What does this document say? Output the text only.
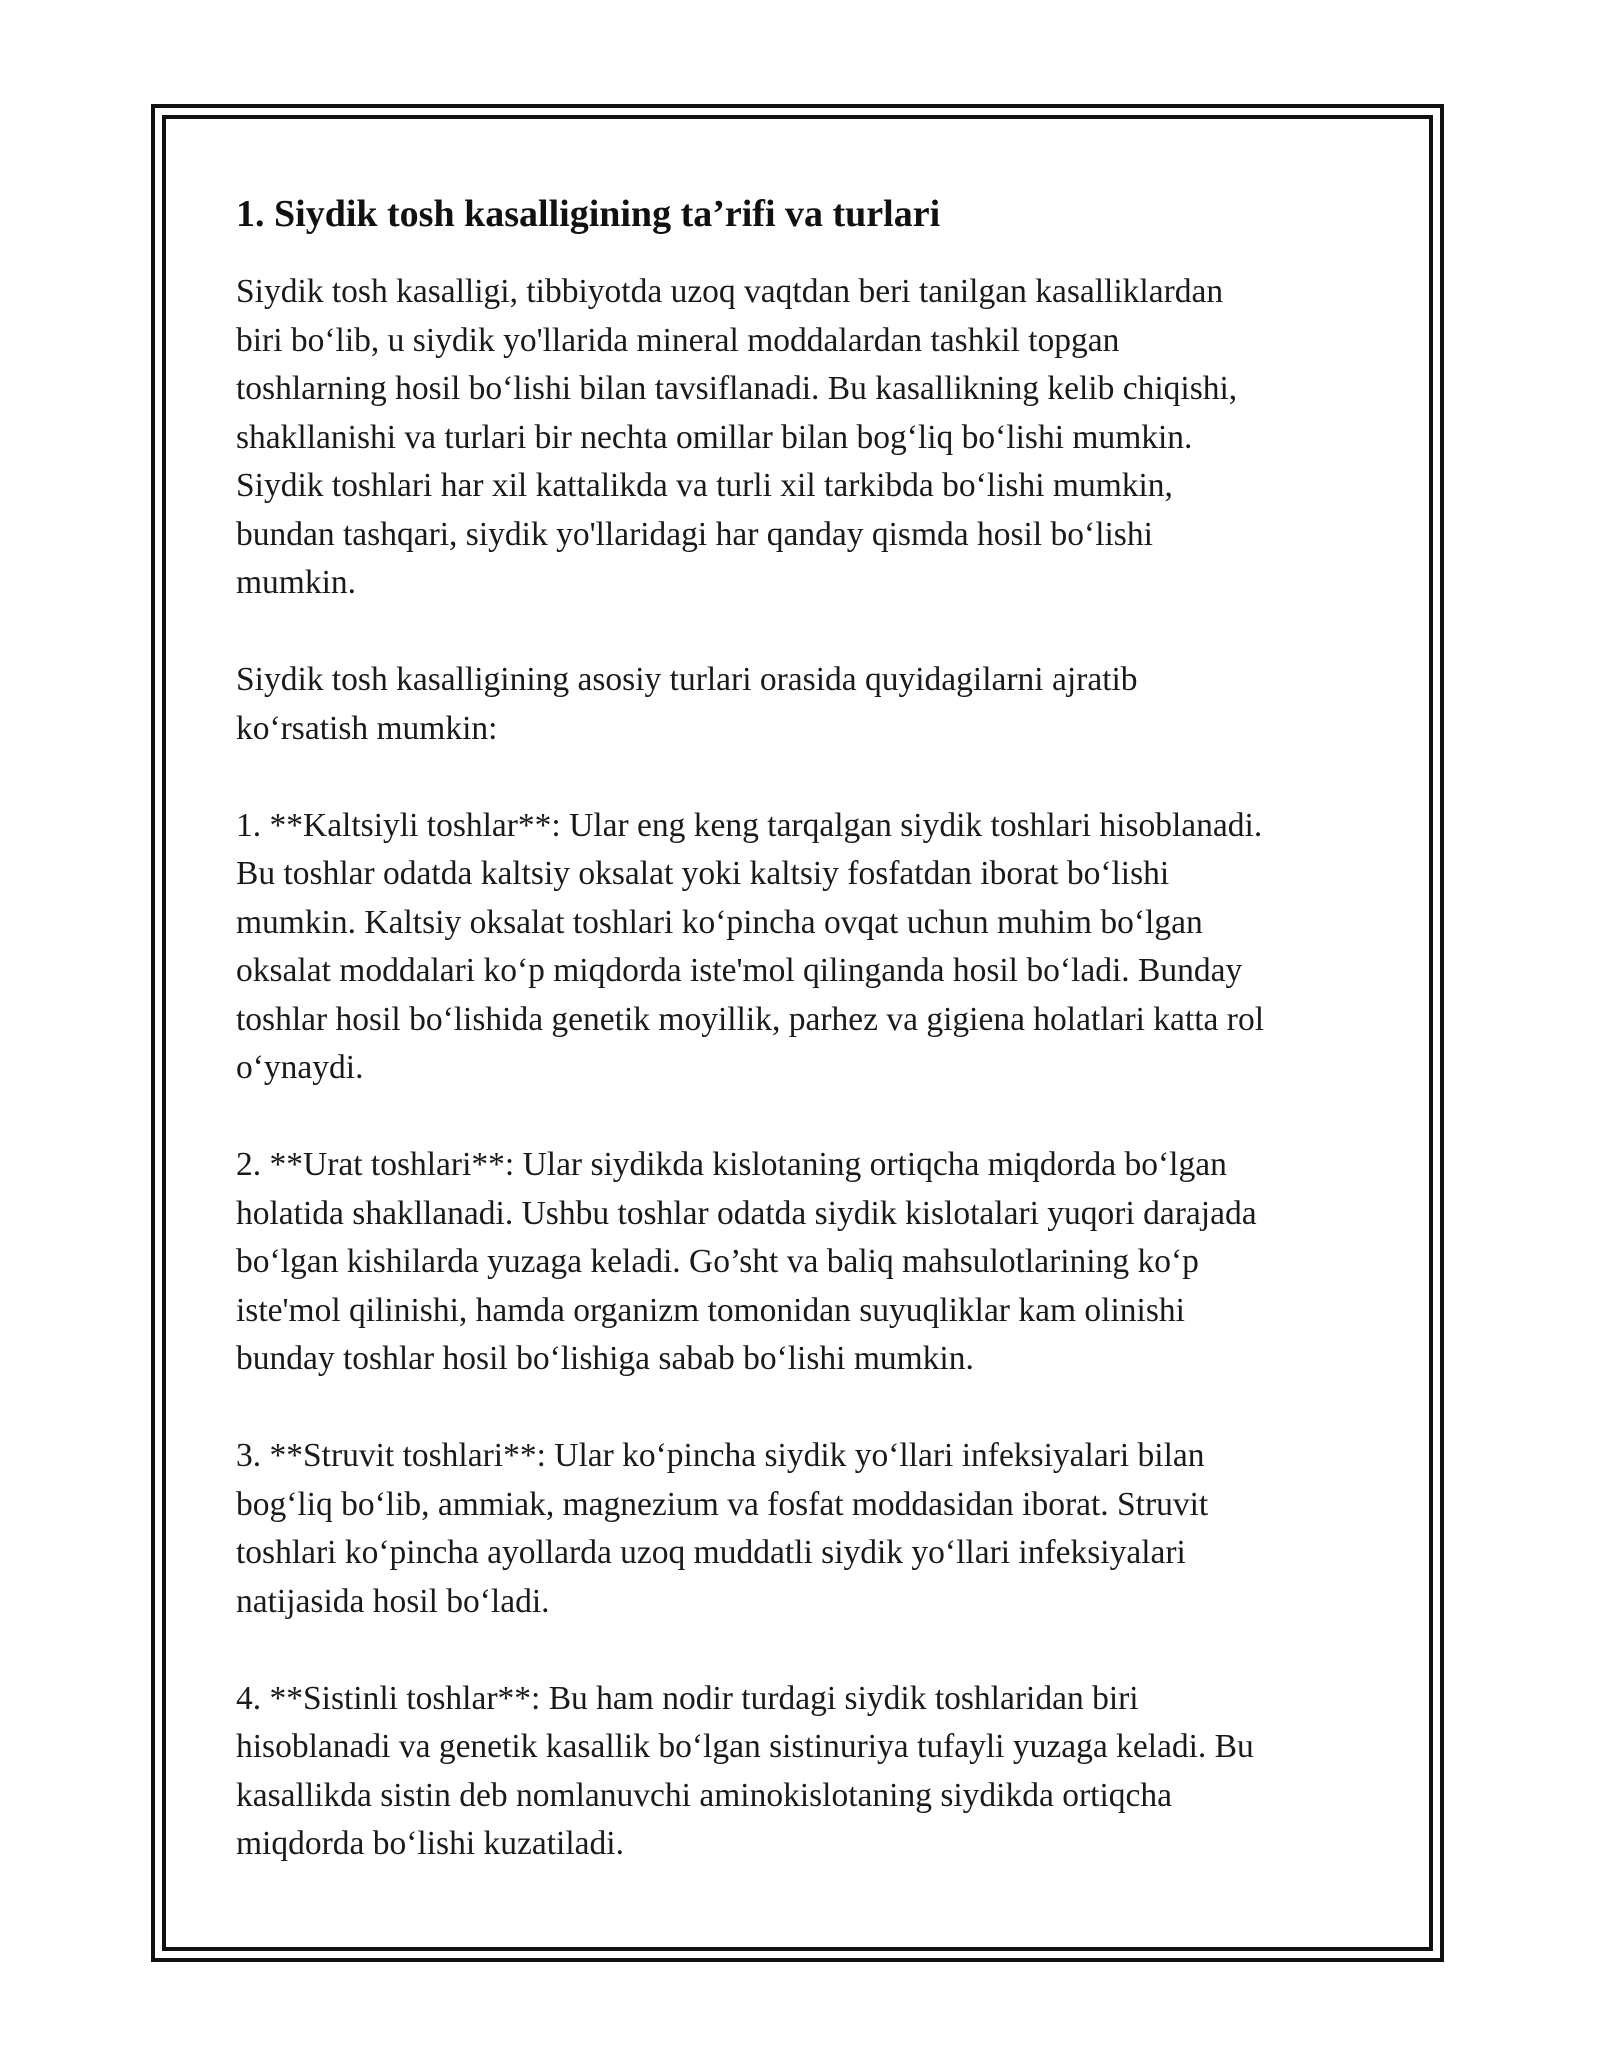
1. Siydik tosh kasalligining ta’rifi va turlari

Siydik tosh kasalligi, tibbiyotda uzoq vaqtdan beri tanilgan kasalliklardan
biri bo‘lib, u siydik yo'llarida mineral moddalardan tashkil topgan
toshlarning hosil bo‘lishi bilan tavsiflanadi. Bu kasallikning kelib chiqishi,
shakllanishi va turlari bir nechta omillar bilan bog‘liq bo‘lishi mumkin.
Siydik toshlari har xil kattalikda va turli xil tarkibda bo‘lishi mumkin,
bundan tashqari, siydik yo'llaridagi har qanday qismda hosil bo‘lishi
mumkin.

Siydik tosh kasalligining asosiy turlari orasida quyidagilarni ajratib
ko‘rsatish mumkin:

1. **Kaltsiyli toshlar**: Ular eng keng tarqalgan siydik toshlari hisoblanadi.
Bu toshlar odatda kaltsiy oksalat yoki kaltsiy fosfatdan iborat bo‘lishi
mumkin. Kaltsiy oksalat toshlari ko‘pincha ovqat uchun muhim bo‘lgan
oksalat moddalari ko‘p miqdorda iste'mol qilinganda hosil bo‘ladi. Bunday
toshlar hosil bo‘lishida genetik moyillik, parhez va gigiena holatlari katta rol
o‘ynaydi.

2. **Urat toshlari**: Ular siydikda kislotaning ortiqcha miqdorda bo‘lgan
holatida shakllanadi. Ushbu toshlar odatda siydik kislotalari yuqori darajada
bo‘lgan kishilarda yuzaga keladi. Go’sht va baliq mahsulotlarining ko‘p
iste'mol qilinishi, hamda organizm tomonidan suyuqliklar kam olinishi
bunday toshlar hosil bo‘lishiga sabab bo‘lishi mumkin.

3. **Struvit toshlari**: Ular ko‘pincha siydik yo‘llari infeksiyalari bilan
bog‘liq bo‘lib, ammiak, magnezium va fosfat moddasidan iborat. Struvit
toshlari ko‘pincha ayollarda uzoq muddatli siydik yo‘llari infeksiyalari
natijasida hosil bo‘ladi.

4. **Sistinli toshlar**: Bu ham nodir turdagi siydik toshlaridan biri
hisoblanadi va genetik kasallik bo‘lgan sistinuriya tufayli yuzaga keladi. Bu
kasallikda sistin deb nomlanuvchi aminokislotaning siydikda ortiqcha
miqdorda bo‘lishi kuzatiladi.
